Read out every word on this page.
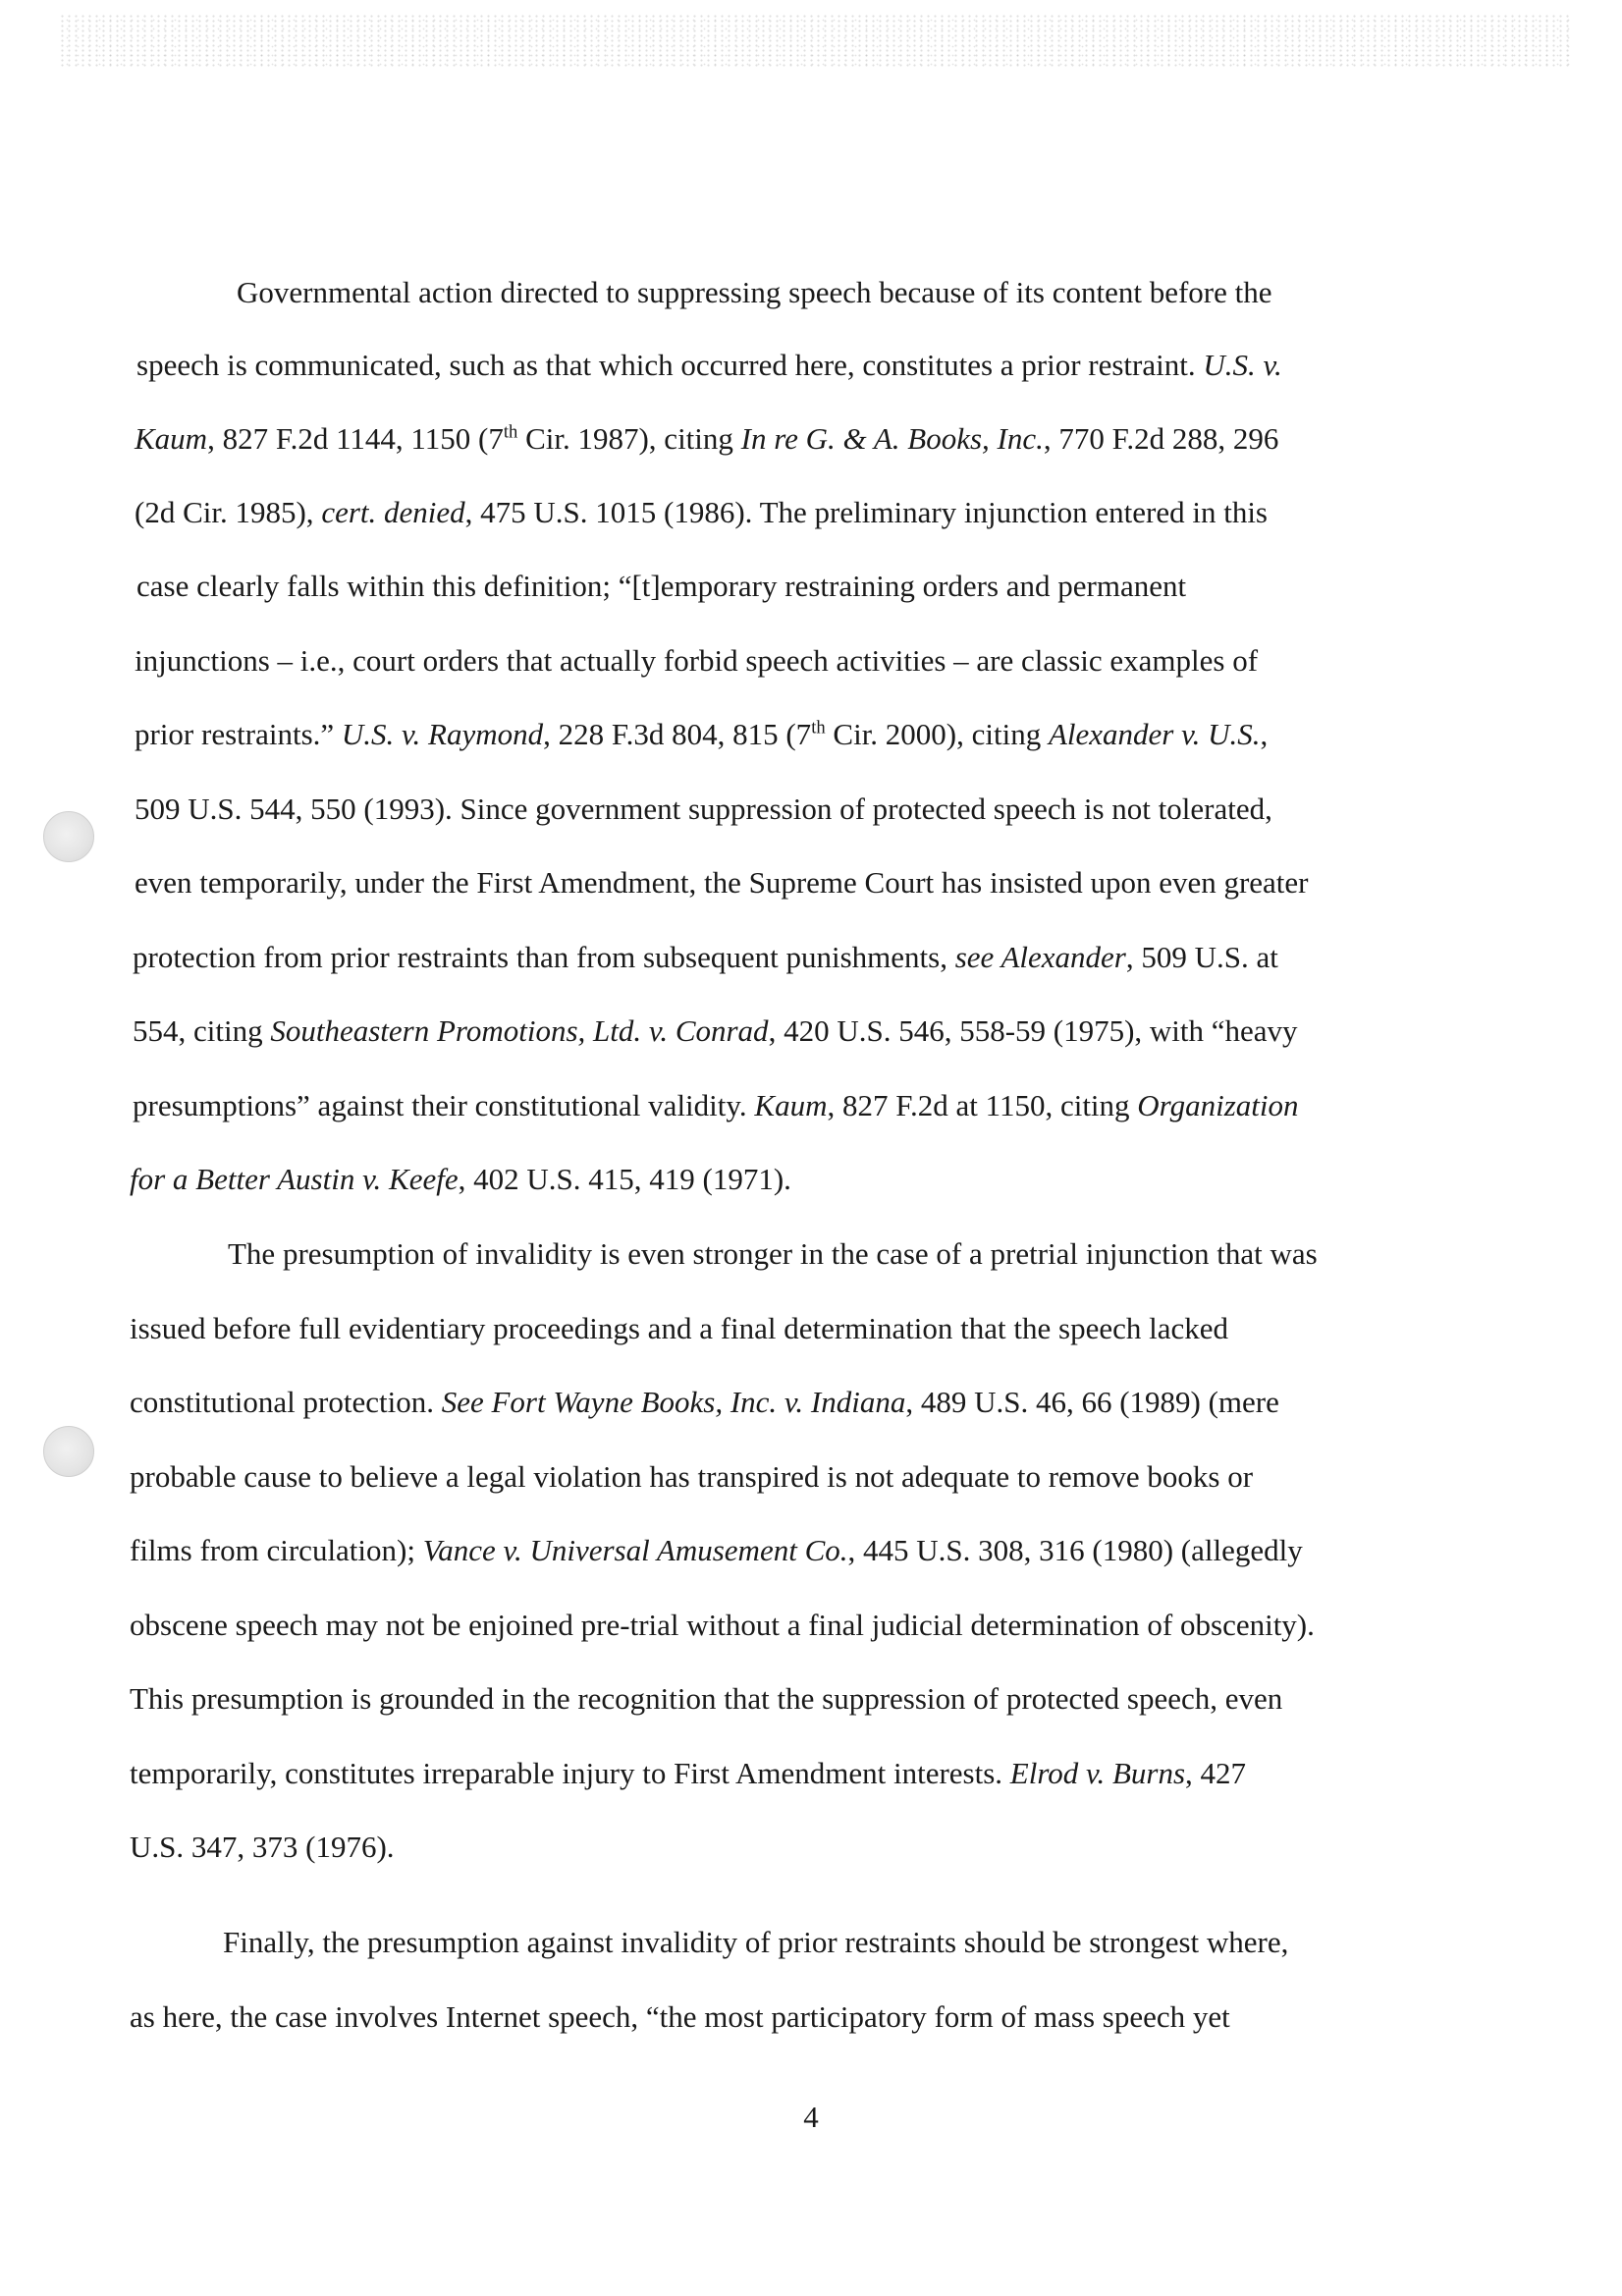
Governmental action directed to suppressing speech because of its content before the
speech is communicated, such as that which occurred here, constitutes a prior restraint. U.S. v.
Kaum, 827 F.2d 1144, 1150 (7th Cir. 1987), citing In re G. & A. Books, Inc., 770 F.2d 288, 296
(2d Cir. 1985), cert. denied, 475 U.S. 1015 (1986). The preliminary injunction entered in this
case clearly falls within this definition; “[t]emporary restraining orders and permanent
injunctions – i.e., court orders that actually forbid speech activities – are classic examples of
prior restraints.” U.S. v. Raymond, 228 F.3d 804, 815 (7th Cir. 2000), citing Alexander v. U.S.,
509 U.S. 544, 550 (1993). Since government suppression of protected speech is not tolerated,
even temporarily, under the First Amendment, the Supreme Court has insisted upon even greater
protection from prior restraints than from subsequent punishments, see Alexander, 509 U.S. at
554, citing Southeastern Promotions, Ltd. v. Conrad, 420 U.S. 546, 558-59 (1975), with “heavy
presumptions” against their constitutional validity. Kaum, 827 F.2d at 1150, citing Organization
for a Better Austin v. Keefe, 402 U.S. 415, 419 (1971).
The presumption of invalidity is even stronger in the case of a pretrial injunction that was
issued before full evidentiary proceedings and a final determination that the speech lacked
constitutional protection. See Fort Wayne Books, Inc. v. Indiana, 489 U.S. 46, 66 (1989) (mere
probable cause to believe a legal violation has transpired is not adequate to remove books or
films from circulation); Vance v. Universal Amusement Co., 445 U.S. 308, 316 (1980) (allegedly
obscene speech may not be enjoined pre-trial without a final judicial determination of obscenity).
This presumption is grounded in the recognition that the suppression of protected speech, even
temporarily, constitutes irreparable injury to First Amendment interests. Elrod v. Burns, 427
U.S. 347, 373 (1976).
Finally, the presumption against invalidity of prior restraints should be strongest where,
as here, the case involves Internet speech, “the most participatory form of mass speech yet
4
